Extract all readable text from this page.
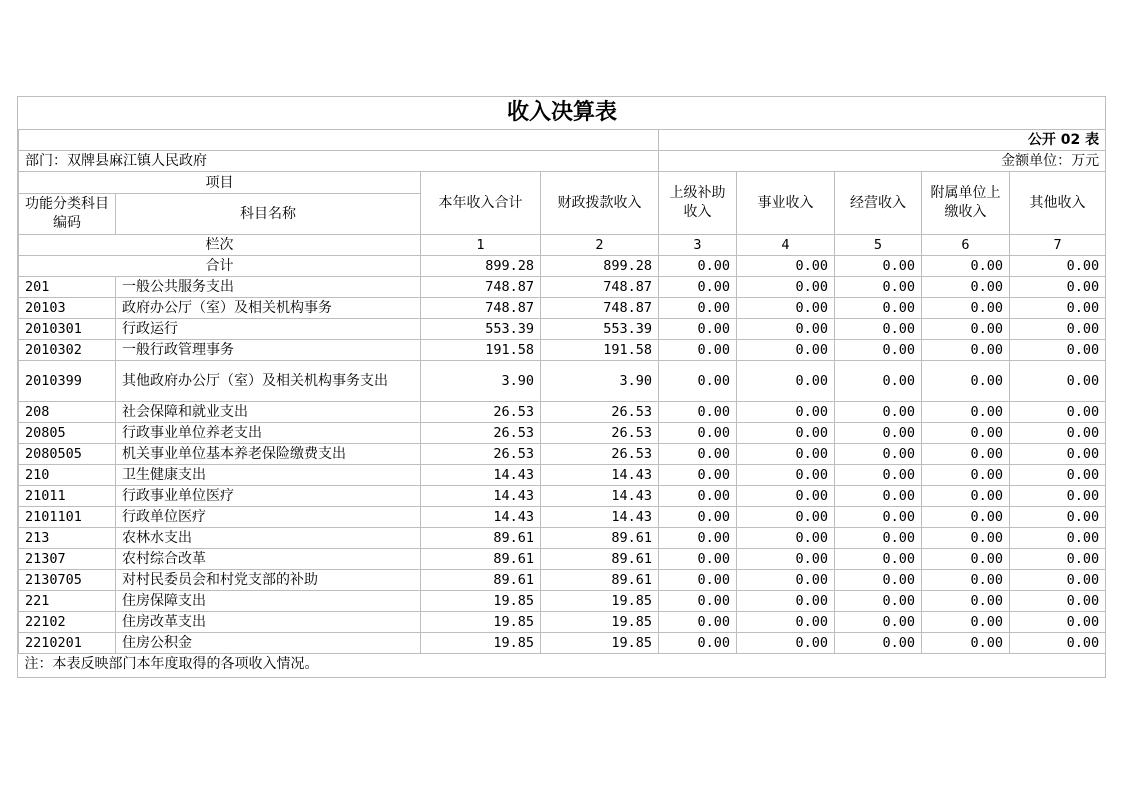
收入决算表								
				公开 02 表				
部门：双牌县麻江镇人民政府				金额单位：万元				
项目		本年收入合计	财政拨款收入	上级补助收入	事业收入	经营收入	附属单位上缴收入	其他收入
功能分类科目编码	科目名称							
栏次		1	2	3	4	5	6	7
合计		899.28	899.28	0.00	0.00	0.00	0.00	0.00
201	一般公共服务支出	748.87	748.87	0.00	0.00	0.00	0.00	0.00
20103	政府办公厅（室）及相关机构事务	748.87	748.87	0.00	0.00	0.00	0.00	0.00
2010301	行政运行	553.39	553.39	0.00	0.00	0.00	0.00	0.00
2010302	一般行政管理事务	191.58	191.58	0.00	0.00	0.00	0.00	0.00
2010399	其他政府办公厅（室）及相关机构事务支出	3.90	3.90	0.00	0.00	0.00	0.00	0.00
208	社会保障和就业支出	26.53	26.53	0.00	0.00	0.00	0.00	0.00
20805	行政事业单位养老支出	26.53	26.53	0.00	0.00	0.00	0.00	0.00
2080505	机关事业单位基本养老保险缴费支出	26.53	26.53	0.00	0.00	0.00	0.00	0.00
210	卫生健康支出	14.43	14.43	0.00	0.00	0.00	0.00	0.00
21011	行政事业单位医疗	14.43	14.43	0.00	0.00	0.00	0.00	0.00
2101101	行政单位医疗	14.43	14.43	0.00	0.00	0.00	0.00	0.00
213	农林水支出	89.61	89.61	0.00	0.00	0.00	0.00	0.00
21307	农村综合改革	89.61	89.61	0.00	0.00	0.00	0.00	0.00
2130705	对村民委员会和村党支部的补助	89.61	89.61	0.00	0.00	0.00	0.00	0.00
221	住房保障支出	19.85	19.85	0.00	0.00	0.00	0.00	0.00
22102	住房改革支出	19.85	19.85	0.00	0.00	0.00	0.00	0.00
2210201	住房公积金	19.85	19.85	0.00	0.00	0.00	0.00	0.00
注：本表反映部门本年度取得的各项收入情况。								
